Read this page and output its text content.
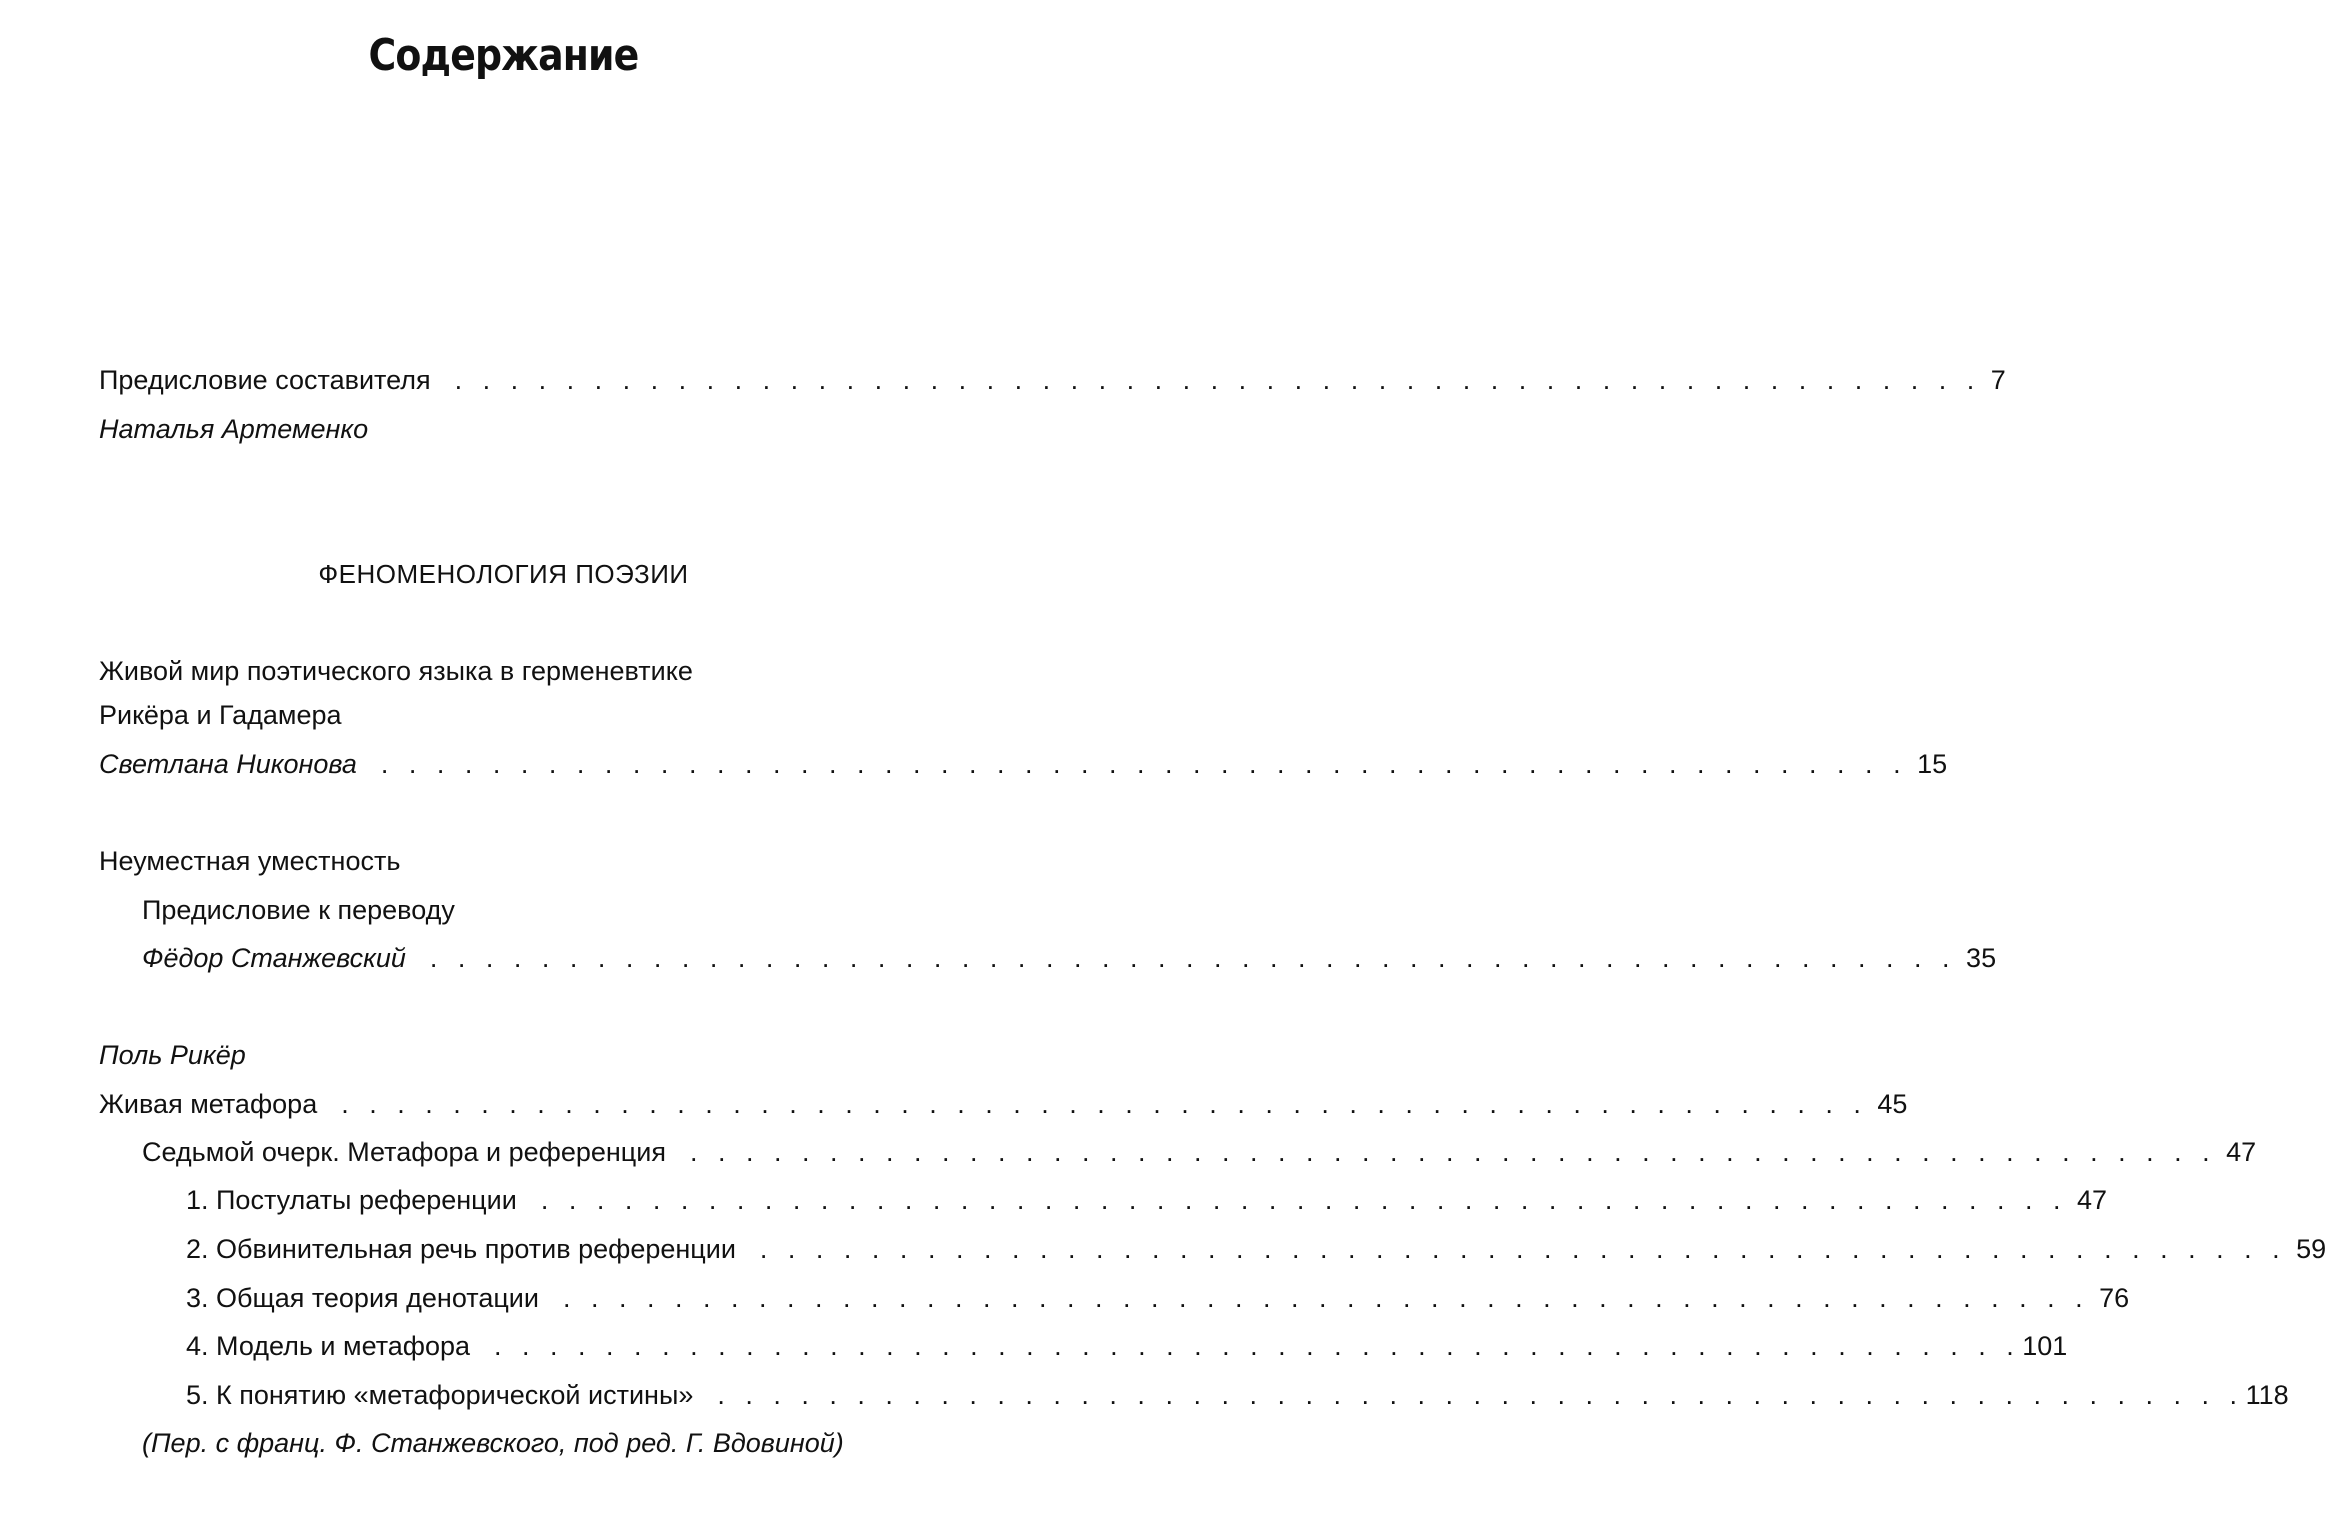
Содержание
Предисловие составителя . . . . . . . . . . . . . . . . . . . . . . . . . . . . . . . . . . . . . . . . . . . . . . . . . . . . . . . 7
Наталья Артеменко
ФЕНОМЕНОЛОГИЯ ПОЭЗИИ
Живой мир поэтического языка в герменевтике
Рикёра и Гадамера
Светлана Никонова . . . . . . . . . . . . . . . . . . . . . . . . . . . . . . . . . . . . . . . . . . . . . . . . . . . . . . . 15
Неуместная уместность
Предисловие к переводу
Фёдор Станжевский . . . . . . . . . . . . . . . . . . . . . . . . . . . . . . . . . . . . . . . . . . . . . . . . . . . . . . . 35
Поль Рикёр
Живая метафора . . . . . . . . . . . . . . . . . . . . . . . . . . . . . . . . . . . . . . . . . . . . . . . . . . . . . . . 45
Седьмой очерк. Метафора и референция . . . . . . . . . . . . . . . . . . . . . . . . . . . . . . . . . . . . . . . . . . . . . . . . . . . . . . . 47
1. Постулаты референции . . . . . . . . . . . . . . . . . . . . . . . . . . . . . . . . . . . . . . . . . . . . . . . . . . . . . . . 47
2. Обвинительная речь против референции . . . . . . . . . . . . . . . . . . . . . . . . . . . . . . . . . . . . . . . . . . . . . . . . . . . . . . . 59
3. Общая теория денотации . . . . . . . . . . . . . . . . . . . . . . . . . . . . . . . . . . . . . . . . . . . . . . . . . . . . . . . 76
4. Модель и метафора . . . . . . . . . . . . . . . . . . . . . . . . . . . . . . . . . . . . . . . . . . . . . . . . . . . . . . . 101
5. К понятию «метафорической истины» . . . . . . . . . . . . . . . . . . . . . . . . . . . . . . . . . . . . . . . . . . . . . . . . . . . . . . . 118
(Пер. с франц. Ф. Станжевского, под ред. Г. Вдовиной)
